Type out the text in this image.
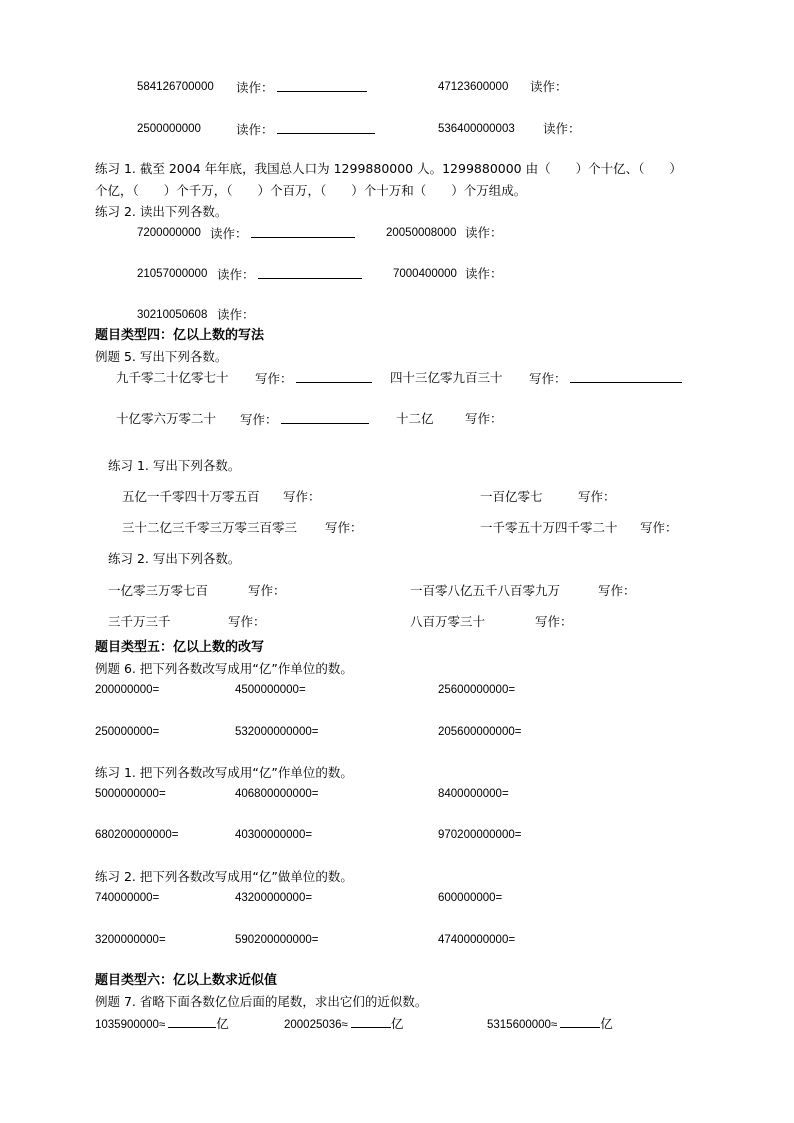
584126700000 读作：	47123600000 读作：
2500000000	读作：	536400000003 读作：
练习 1. 截至 2004 年年底，我国总人口为 1299880000 人。1299880000 由（　　）个十亿、（　　）
个亿，（　　）个千万，（　　）个百万，（　　）个十万和（　　）个万组成。
练习 2. 读出下列各数。
7200000000 读作：	20050008000 读作：
21057000000 读作：	7000400000 读作：
30210050608 读作：
题目类型四：亿以上数的写法
例题 5. 写出下列各数。
九千零二十亿零七十 写作：	四十三亿零九百三十 写作：
十亿零六万零二十 写作：	十二亿	写作：
练习 1. 写出下列各数。
五亿一千零四十万零五百 写作：	一百亿零七	写作：
三十二亿三千零三万零三百零三 写作：	一千零五十万四千零二十 写作：
练习 2. 写出下列各数。
一亿零三万零七百	写作：	一百零八亿五千八百零九万	写作：
三千万三千	写作：	八百万零三十	写作：
题目类型五：亿以上数的改写
例题 6. 把下列各数改写成用“亿”作单位的数。
200000000=	4500000000=	25600000000=
250000000=	532000000000=	205600000000=
练习 1. 把下列各数改写成用“亿”作单位的数。
5000000000=	406800000000=	8400000000=
680200000000=	40300000000=	970200000000=
练习 2. 把下列各数改写成用“亿”做单位的数。
740000000=	43200000000=	600000000=
3200000000=	590200000000=	47400000000=
题目类型六：亿以上数求近似值
例题 7. 省略下面各数亿位后面的尾数，求出它们的近似数。
1035900000≈	亿	200025036≈	亿	5315600000≈	亿
